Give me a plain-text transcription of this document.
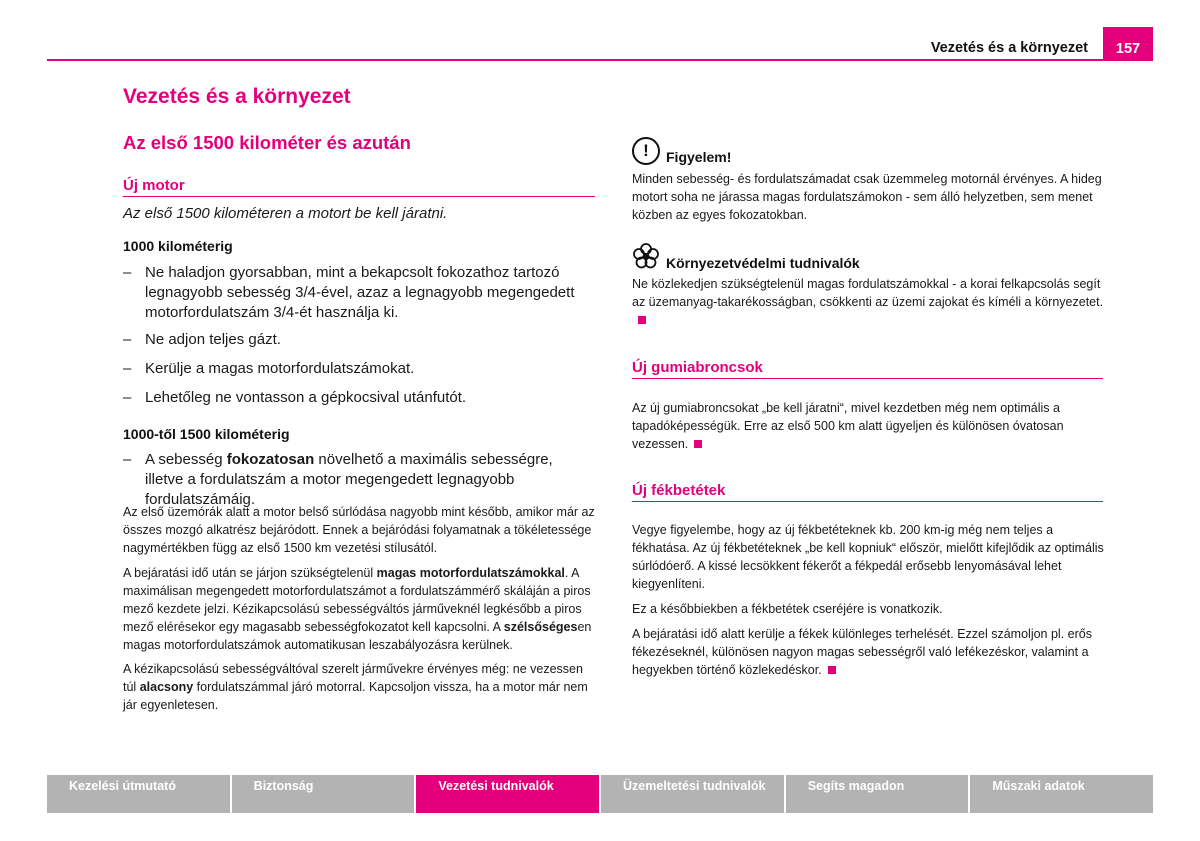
Vezetés és a környezet	157
Vezetés és a környezet
Az első 1500 kilométer és azután
Új motor
Az első 1500 kilométeren a motort be kell járatni.
1000 kilométerig
– Ne haladjon gyorsabban, mint a bekapcsolt fokozathoz tartozó legnagyobb sebesség 3/4-ével, azaz a legnagyobb megengedett motorfordulatszám 3/4-ét használja ki.
– Ne adjon teljes gázt.
– Kerülje a magas motorfordulatszámokat.
– Lehetőleg ne vontasson a gépkocsival utánfutót.
1000-től 1500 kilométerig
– A sebesség fokozatosan növelhető a maximális sebességre, illetve a fordulatszám a motor megengedett legnagyobb fordulatszámáig.
Az első üzemórák alatt a motor belső súrlódása nagyobb mint később, amikor már az összes mozgó alkatrész bejáródott. Ennek a bejáródási folyamatnak a tökéletessége nagymértékben függ az első 1500 km vezetési stílusától.
A bejáratási idő után se járjon szükségtelenül magas motorfordulatszámokkal. A maximálisan megengedett motorfordulatszámot a fordulatszámmérő skáláján a piros mező kezdete jelzi. Kézikapcsolású sebességváltós járműveknél legkésőbb a piros mező elérésekor egy magasabb sebességfokozatot kell kapcsolni. A szélsőségesen magas motorfordulatszámok automatikusan leszabályozásra kerülnek.
A kézikapcsolású sebességváltóval szerelt járművekre érvényes még: ne vezessen túl alacsony fordulatszámmal járó motorral. Kapcsoljon vissza, ha a motor már nem jár egyenletesen.
!	Figyelem!
Minden sebesség- és fordulatszámadat csak üzemmeleg motornál érvényes. A hideg motort soha ne járassa magas fordulatszámokon - sem álló helyzetben, sem menet közben az egyes fokozatokban.
Környezetvédelmi tudnivalók
Ne közlekedjen szükségtelenül magas fordulatszámokkal - a korai felkapcsolás segít az üzemanyag-takarékosságban, csökkenti az üzemi zajokat és kíméli a környezetet.
Új gumiabroncsok
Az új gumiabroncsokat „be kell járatni“, mivel kezdetben még nem optimális a tapadóképességük. Erre az első 500 km alatt ügyeljen és különösen óvatosan vezessen.
Új fékbetétek
Vegye figyelembe, hogy az új fékbetéteknek kb. 200 km-ig még nem teljes a fékhatása. Az új fékbetéteknek „be kell kopniuk“ először, mielőtt kifejlődik az optimális súrlódóerő. A kissé lecsökkent fékerőt a fékpedál erősebb lenyomásával lehet kiegyenlíteni.
Ez a későbbiekben a fékbetétek cseréjére is vonatkozik.
A bejáratási idő alatt kerülje a fékek különleges terhelését. Ezzel számoljon pl. erős fékezéseknél, különösen nagyon magas sebességről való lefékezéskor, valamint a hegyekben történő közlekedéskor.
Kezelési útmutató	Biztonság	Vezetési tudnivalók	Üzemeltetési tudnivalók	Segíts magadon	Műszaki adatok
